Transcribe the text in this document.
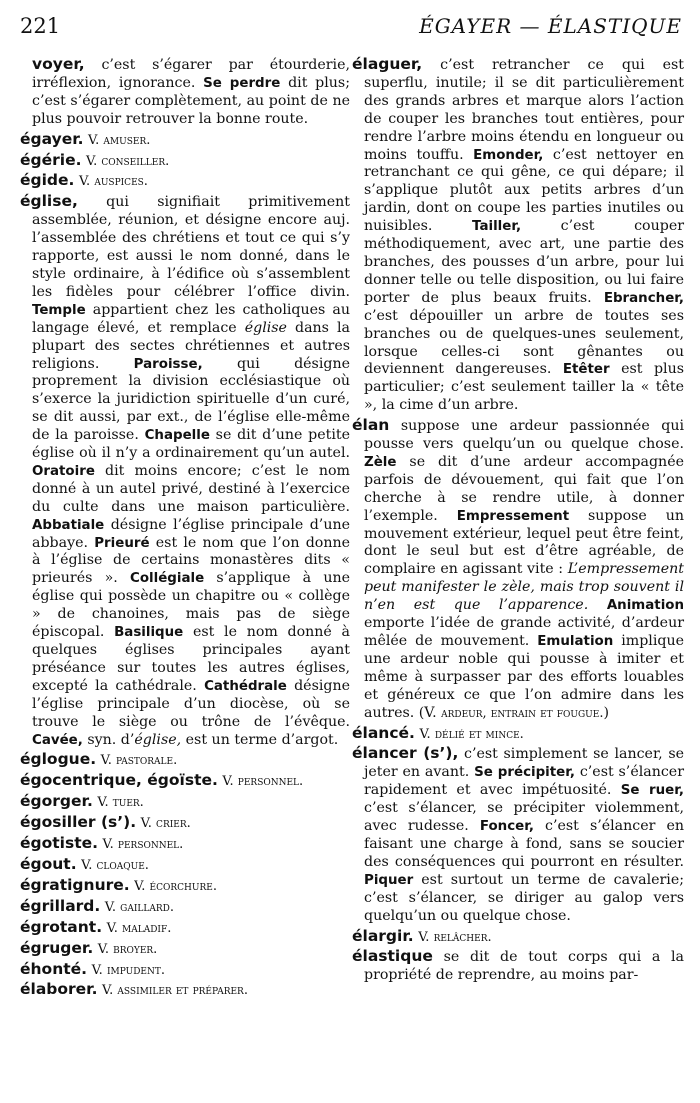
221	ÉGAYER — ÉLASTIQUE

voyer, c’est s’égarer par étourderie, irréflexion, ignorance. Se perdre dit plus; c’est s’égarer complètement, au point de ne plus pouvoir retrouver la bonne route.

égayer. V. amuser.

égérie. V. conseiller.

égide. V. auspices.

église, qui signifiait primitivement assemblée, réunion, et désigne encore auj. l’assemblée des chrétiens et tout ce qui s’y rapporte, est aussi le nom donné, dans le style ordinaire, à l’édifice où s’assemblent les fidèles pour célébrer l’office divin. Temple appartient chez les catholiques au langage élevé, et remplace église dans la plupart des sectes chrétiennes et autres religions. Paroisse, qui désigne proprement la division ecclésiastique où s’exerce la juridiction spirituelle d’un curé, se dit aussi, par ext., de l’église elle-même de la paroisse. Chapelle se dit d’une petite église où il n’y a ordinairement qu’un autel. Oratoire dit moins encore; c’est le nom donné à un autel privé, destiné à l’exercice du culte dans une maison particulière. Abbatiale désigne l’église principale d’une abbaye. Prieuré est le nom que l’on donne à l’église de certains monastères dits « prieurés ». Collégiale s’applique à une église qui possède un chapitre ou « collège » de chanoines, mais pas de siège épiscopal. Basilique est le nom donné à quelques églises principales ayant préséance sur toutes les autres églises, excepté la cathédrale. Cathédrale désigne l’église principale d’un diocèse, où se trouve le siège ou trône de l’évêque. Cavée, syn. d’église, est un terme d’argot.

églogue. V. pastorale.

égocentrique, égoïste. V. personnel.

égorger. V. tuer.

égosiller (s’). V. crier.

égotiste. V. personnel.

égout. V. cloaque.

égratignure. V. écorchure.

égrillard. V. gaillard.

égrotant. V. maladif.

égruger. V. broyer.

éhonté. V. impudent.

élaborer. V. assimiler et préparer.

élaguer, c’est retrancher ce qui est superflu, inutile; il se dit particulièrement des grands arbres et marque alors l’action de couper les branches tout entières, pour rendre l’arbre moins étendu en longueur ou moins touffu. Emonder, c’est nettoyer en retranchant ce qui gêne, ce qui dépare; il s’applique plutôt aux petits arbres d’un jardin, dont on coupe les parties inutiles ou nuisibles. Tailler, c’est couper méthodiquement, avec art, une partie des branches, des pousses d’un arbre, pour lui donner telle ou telle disposition, ou lui faire porter de plus beaux fruits. Ebrancher, c’est dépouiller un arbre de toutes ses branches ou de quelques-unes seulement, lorsque celles-ci sont gênantes ou deviennent dangereuses. Etêter est plus particulier; c’est seulement tailler la « tête », la cime d’un arbre.

élan suppose une ardeur passionnée qui pousse vers quelqu’un ou quelque chose. Zèle se dit d’une ardeur accompagnée parfois de dévouement, qui fait que l’on cherche à se rendre utile, à donner l’exemple. Empressement suppose un mouvement extérieur, lequel peut être feint, dont le seul but est d’être agréable, de complaire en agissant vite : L’empressement peut manifester le zèle, mais trop souvent il n’en est que l’apparence. Animation emporte l’idée de grande activité, d’ardeur mêlée de mouvement. Emulation implique une ardeur noble qui pousse à imiter et même à surpasser par des efforts louables et généreux ce que l’on admire dans les autres. (V. ardeur, entrain et fougue.)

élancé. V. délié et mince.

élancer (s’), c’est simplement se lancer, se jeter en avant. Se précipiter, c’est s’élancer rapidement et avec impétuosité. Se ruer, c’est s’élancer, se précipiter violemment, avec rudesse. Foncer, c’est s’élancer en faisant une charge à fond, sans se soucier des conséquences qui pourront en résulter. Piquer est surtout un terme de cavalerie; c’est s’élancer, se diriger au galop vers quelqu’un ou quelque chose.

élargir. V. relâcher.

élastique se dit de tout corps qui a la propriété de reprendre, au moins par-
